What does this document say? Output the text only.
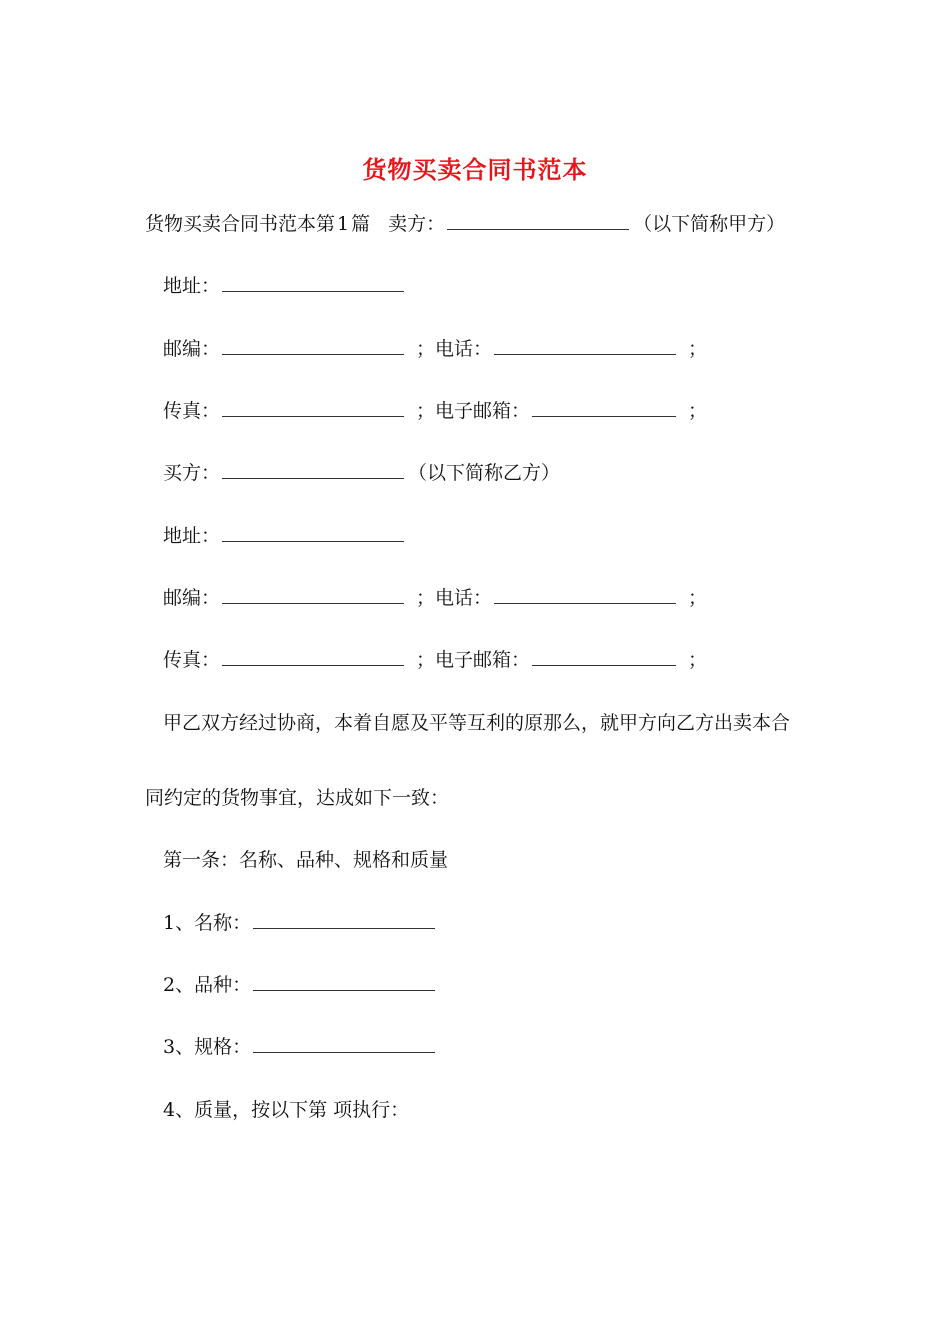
货物买卖合同书范本
货物买卖合同书范本第 1 篇 卖方：	（以下简称甲方）
地址：
邮编：	；电话：	；
传真：	；电子邮箱：	；
买方：	（以下简称乙方）
地址：
邮编：	；电话：	；
传真：	；电子邮箱：	；
甲乙双方经过协商，本着自愿及平等互利的原那么，就甲方向乙方出卖本合
同约定的货物事宜，达成如下一致：
第一条：名称、品种、规格和质量
1、名称：
2、品种：
3、规格：
4、质量，按以下第 项执行：
